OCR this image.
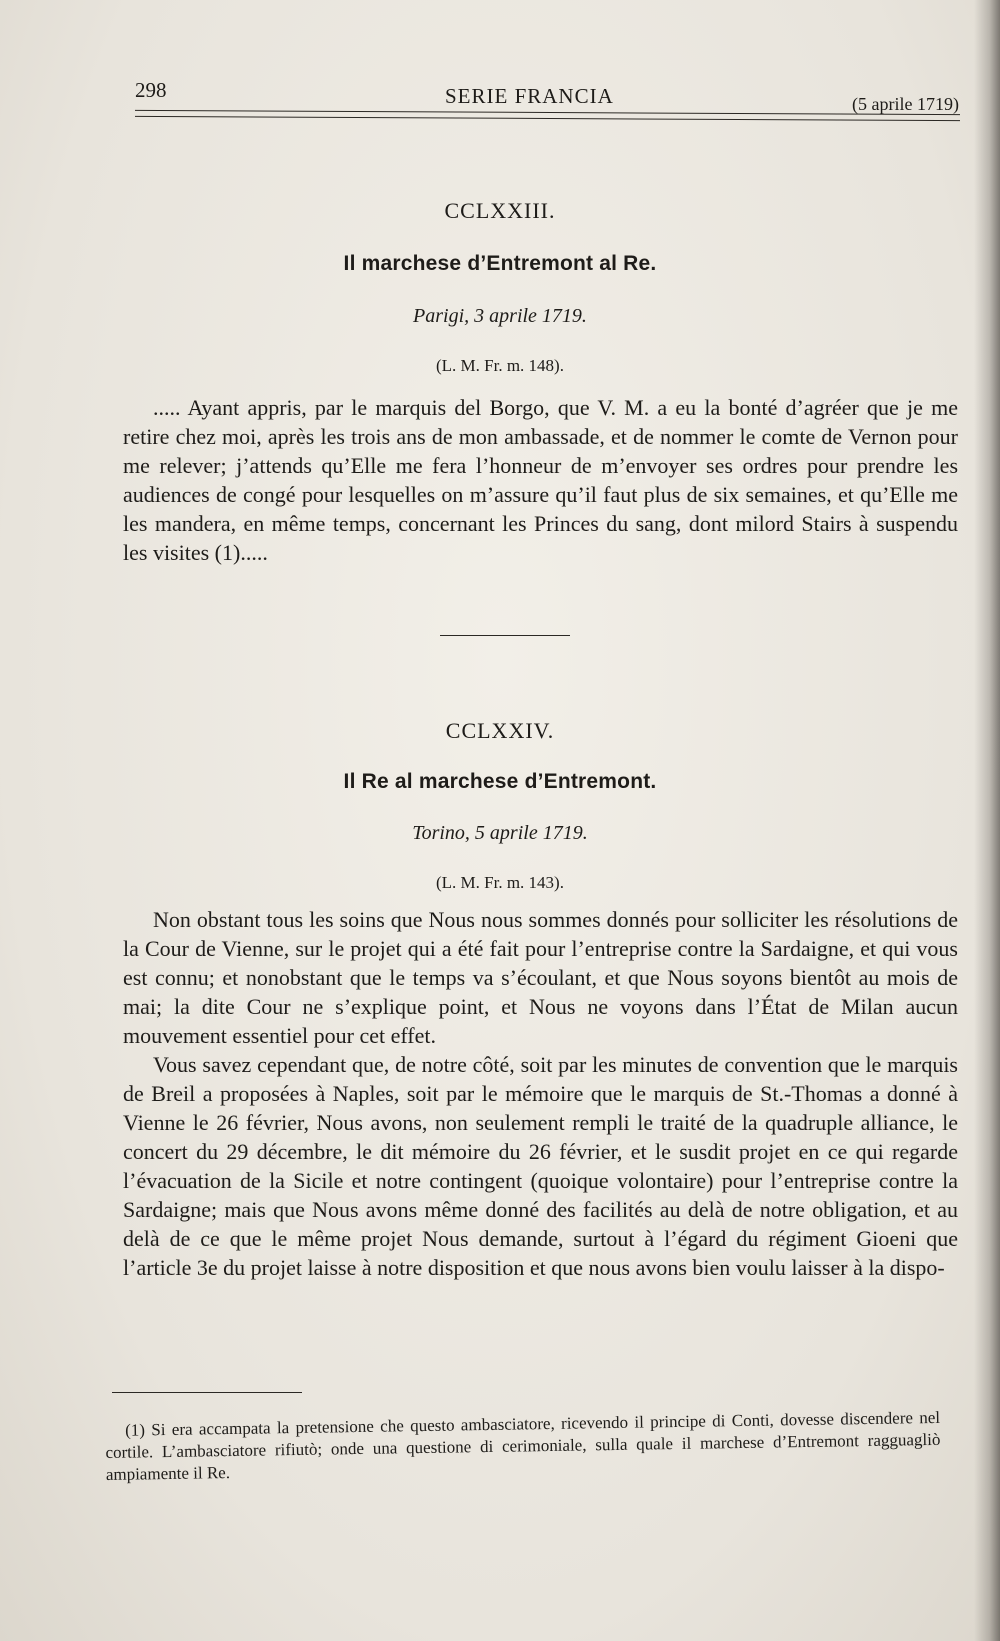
298	SERIE FRANCIA	(5 aprile 1719)
CCLXXIII.
Il marchese d’Entremont al Re.
Parigi, 3 aprile 1719.
(L. M. Fr. m. 148).

..... Ayant appris, par le marquis del Borgo, que V. M. a eu la bonté d’agréer que je me retire chez moi, après les trois ans de mon ambassade, et de nommer le comte de Vernon pour me relever; j’attends qu’Elle me fera l’honneur de m’envoyer ses ordres pour prendre les audiences de congé pour lesquelles on m’assure qu’il faut plus de six semaines, et qu’Elle me les mandera, en même temps, concernant les Princes du sang, dont milord Stairs à suspendu les visites (1).....

CCLXXIV.
Il Re al marchese d’Entremont.
Torino, 5 aprile 1719.
(L. M. Fr. m. 143).

Non obstant tous les soins que Nous nous sommes donnés pour solliciter les résolutions de la Cour de Vienne, sur le projet qui a été fait pour l’entreprise contre la Sardaigne, et qui vous est connu; et nonobstant que le temps va s’écoulant, et que Nous soyons bientôt au mois de mai; la dite Cour ne s’explique point, et Nous ne voyons dans l’État de Milan aucun mouvement essentiel pour cet effet.

Vous savez cependant que, de notre côté, soit par les minutes de convention que le marquis de Breil a proposées à Naples, soit par le mémoire que le marquis de St.-Thomas a donné à Vienne le 26 février, Nous avons, non seulement rempli le traité de la quadruple alliance, le concert du 29 décembre, le dit mémoire du 26 février, et le susdit projet en ce qui regarde l’évacuation de la Sicile et notre contingent (quoique volontaire) pour l’entreprise contre la Sardaigne; mais que Nous avons même donné des facilités au delà de notre obligation, et au delà de ce que le même projet Nous demande, surtout à l’égard du régiment Gioeni que l’article 3e du projet laisse à notre disposition et que nous avons bien voulu laisser à la dispo-

(1) Si era accampata la pretensione che questo ambasciatore, ricevendo il principe di Conti, dovesse discendere nel cortile. L’ambasciatore rifiutò; onde una questione di cerimoniale, sulla quale il marchese d’Entremont ragguagliò ampiamente il Re.
